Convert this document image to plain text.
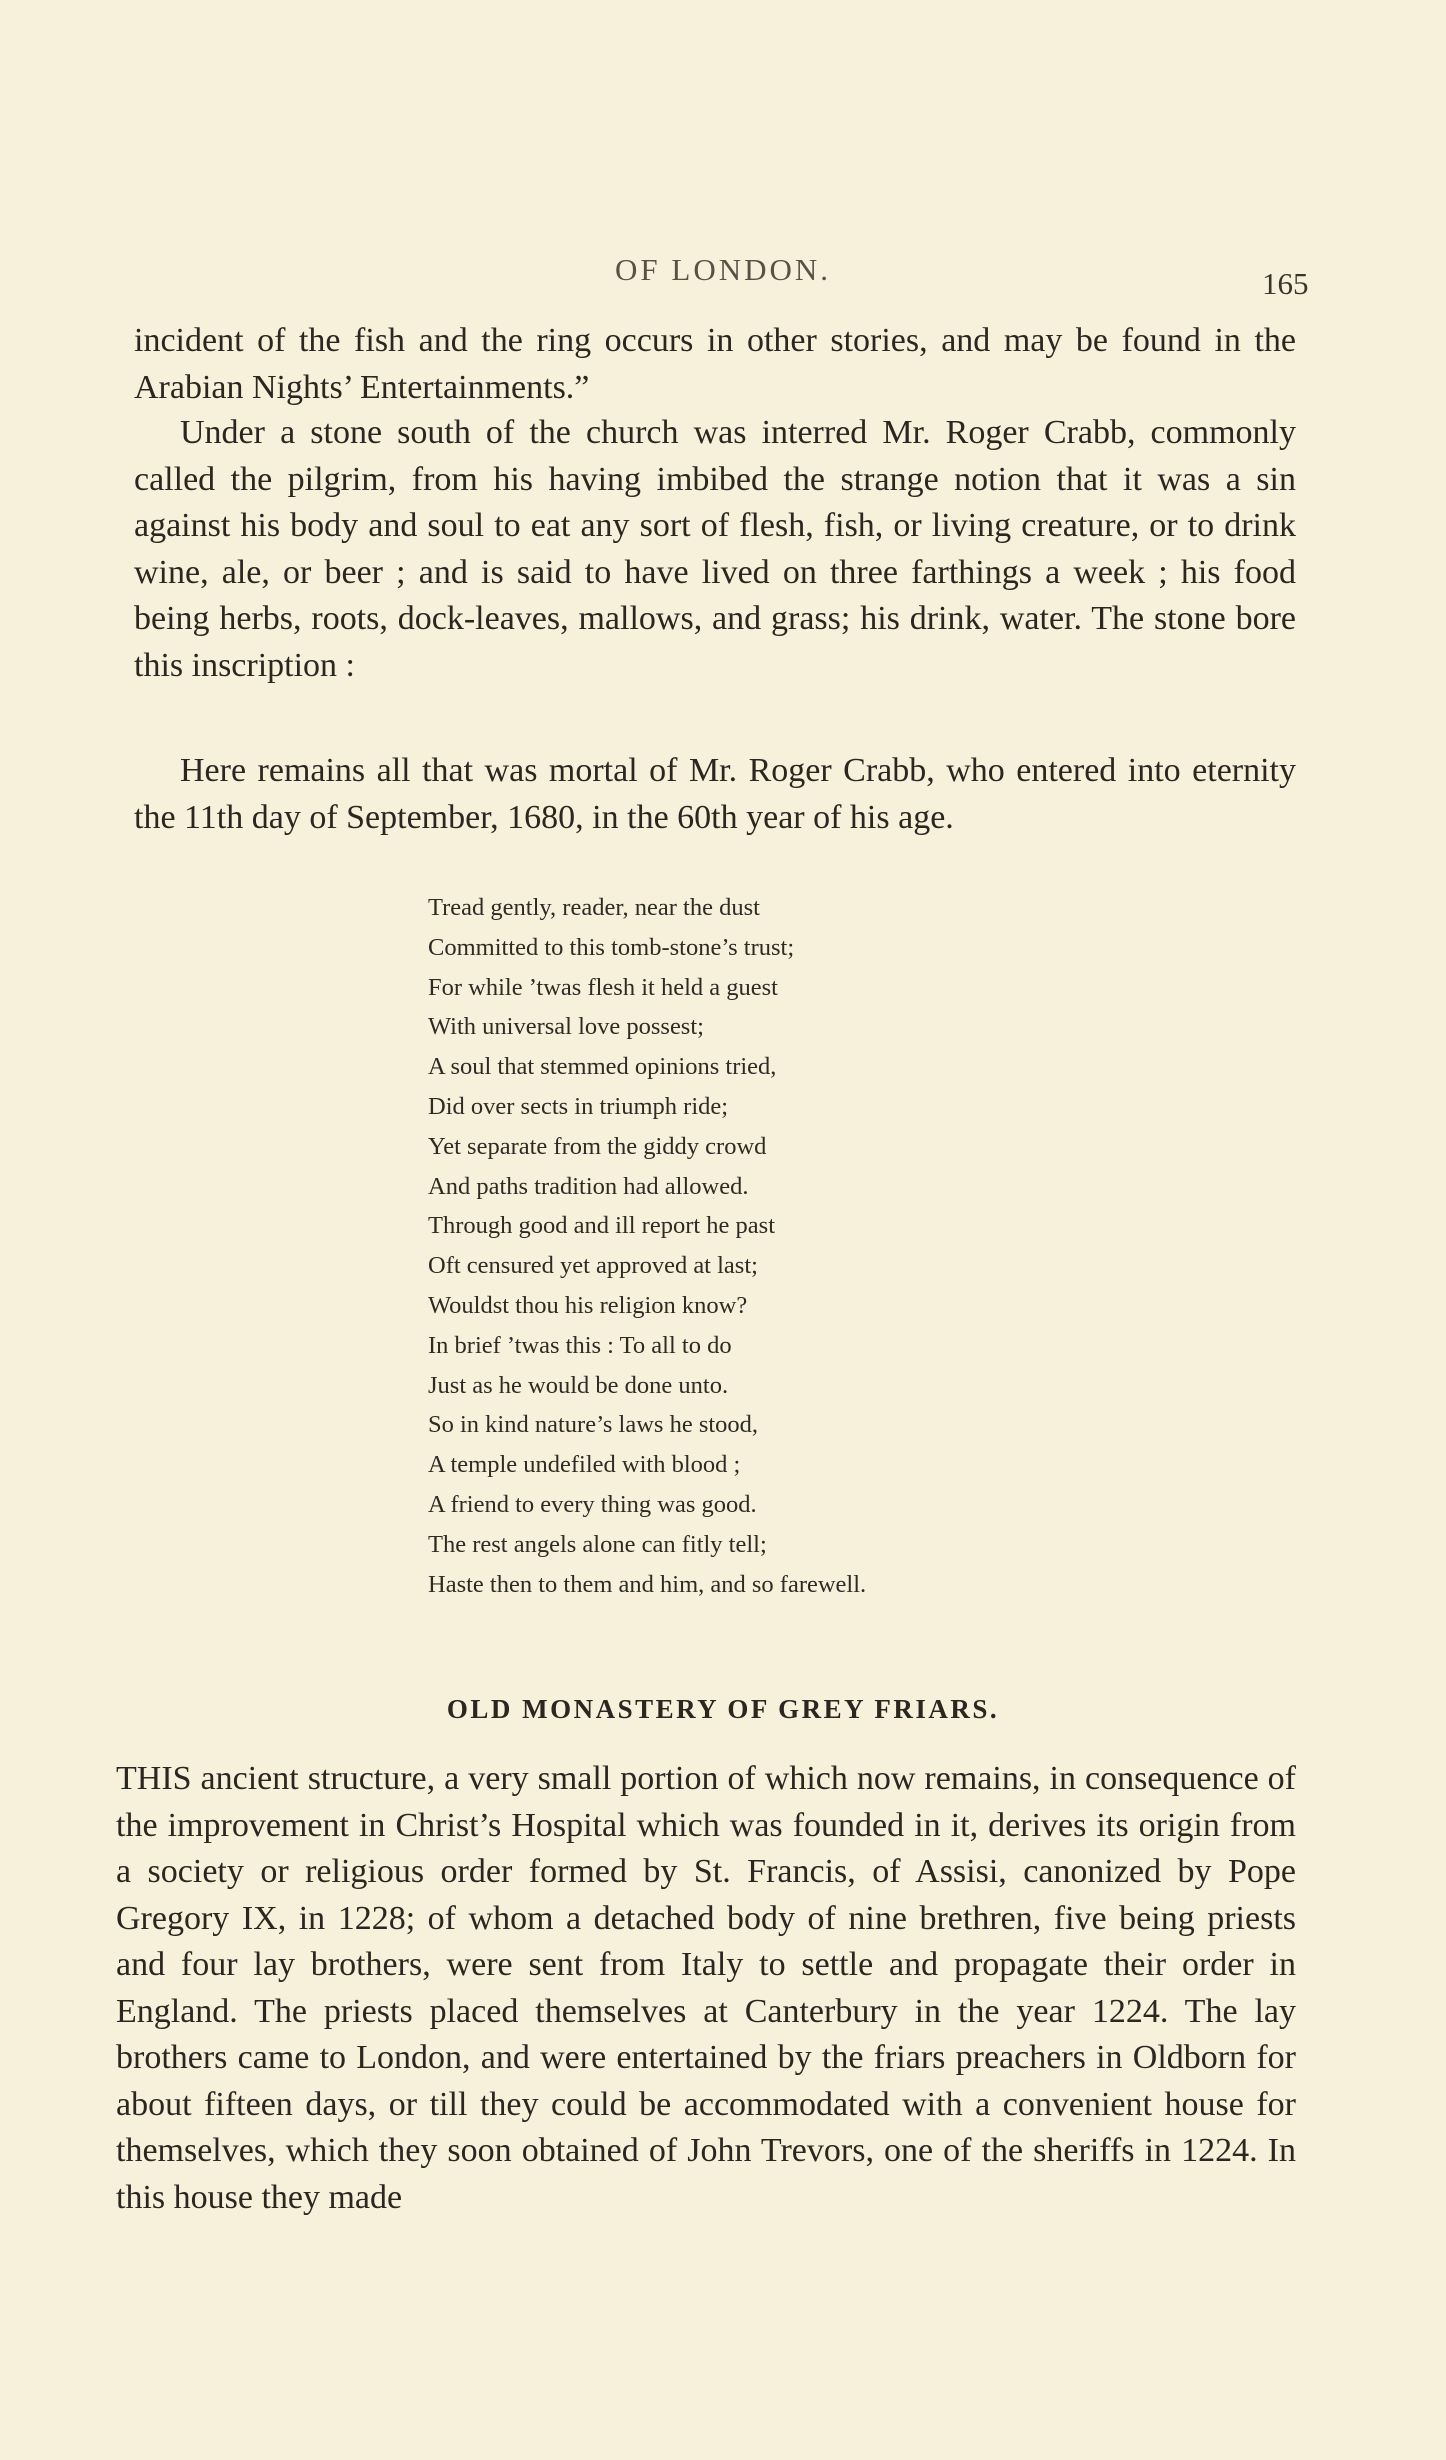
OF LONDON.	165

incident of the fish and the ring occurs in other stories, and may be found in the Arabian Nights’ Entertainments.”

Under a stone south of the church was interred Mr. Roger Crabb, commonly called the pilgrim, from his having imbibed the strange notion that it was a sin against his body and soul to eat any sort of flesh, fish, or living creature, or to drink wine, ale, or beer ; and is said to have lived on three farthings a week ; his food being herbs, roots, dock-leaves, mallows, and grass; his drink, water. The stone bore this inscription :

Here remains all that was mortal of Mr. Roger Crabb, who entered into eternity the 11th day of September, 1680, in the 60th year of his age.

Tread gently, reader, near the dust
Committed to this tomb-stone’s trust;
For while ’twas flesh it held a guest
With universal love possest;
A soul that stemmed opinions tried,
Did over sects in triumph ride;
Yet separate from the giddy crowd
And paths tradition had allowed.
Through good and ill report he past
Oft censured yet approved at last;
Wouldst thou his religion know?
In brief ’twas this : To all to do
Just as he would be done unto.
So in kind nature’s laws he stood,
A temple undefiled with blood ;
A friend to every thing was good.
The rest angels alone can fitly tell;
Haste then to them and him, and so farewell.
OLD MONASTERY OF GREY FRIARS.

THIS ancient structure, a very small portion of which now remains, in consequence of the improvement in Christ’s Hospital which was founded in it, derives its origin from a society or religious order formed by St. Francis, of Assisi, canonized by Pope Gregory IX, in 1228; of whom a detached body of nine brethren, five being priests and four lay brothers, were sent from Italy to settle and propagate their order in England. The priests placed themselves at Canterbury in the year 1224. The lay brothers came to London, and were entertained by the friars preachers in Oldborn for about fifteen days, or till they could be accommodated with a convenient house for themselves, which they soon obtained of John Trevors, one of the sheriffs in 1224. In this house they made
